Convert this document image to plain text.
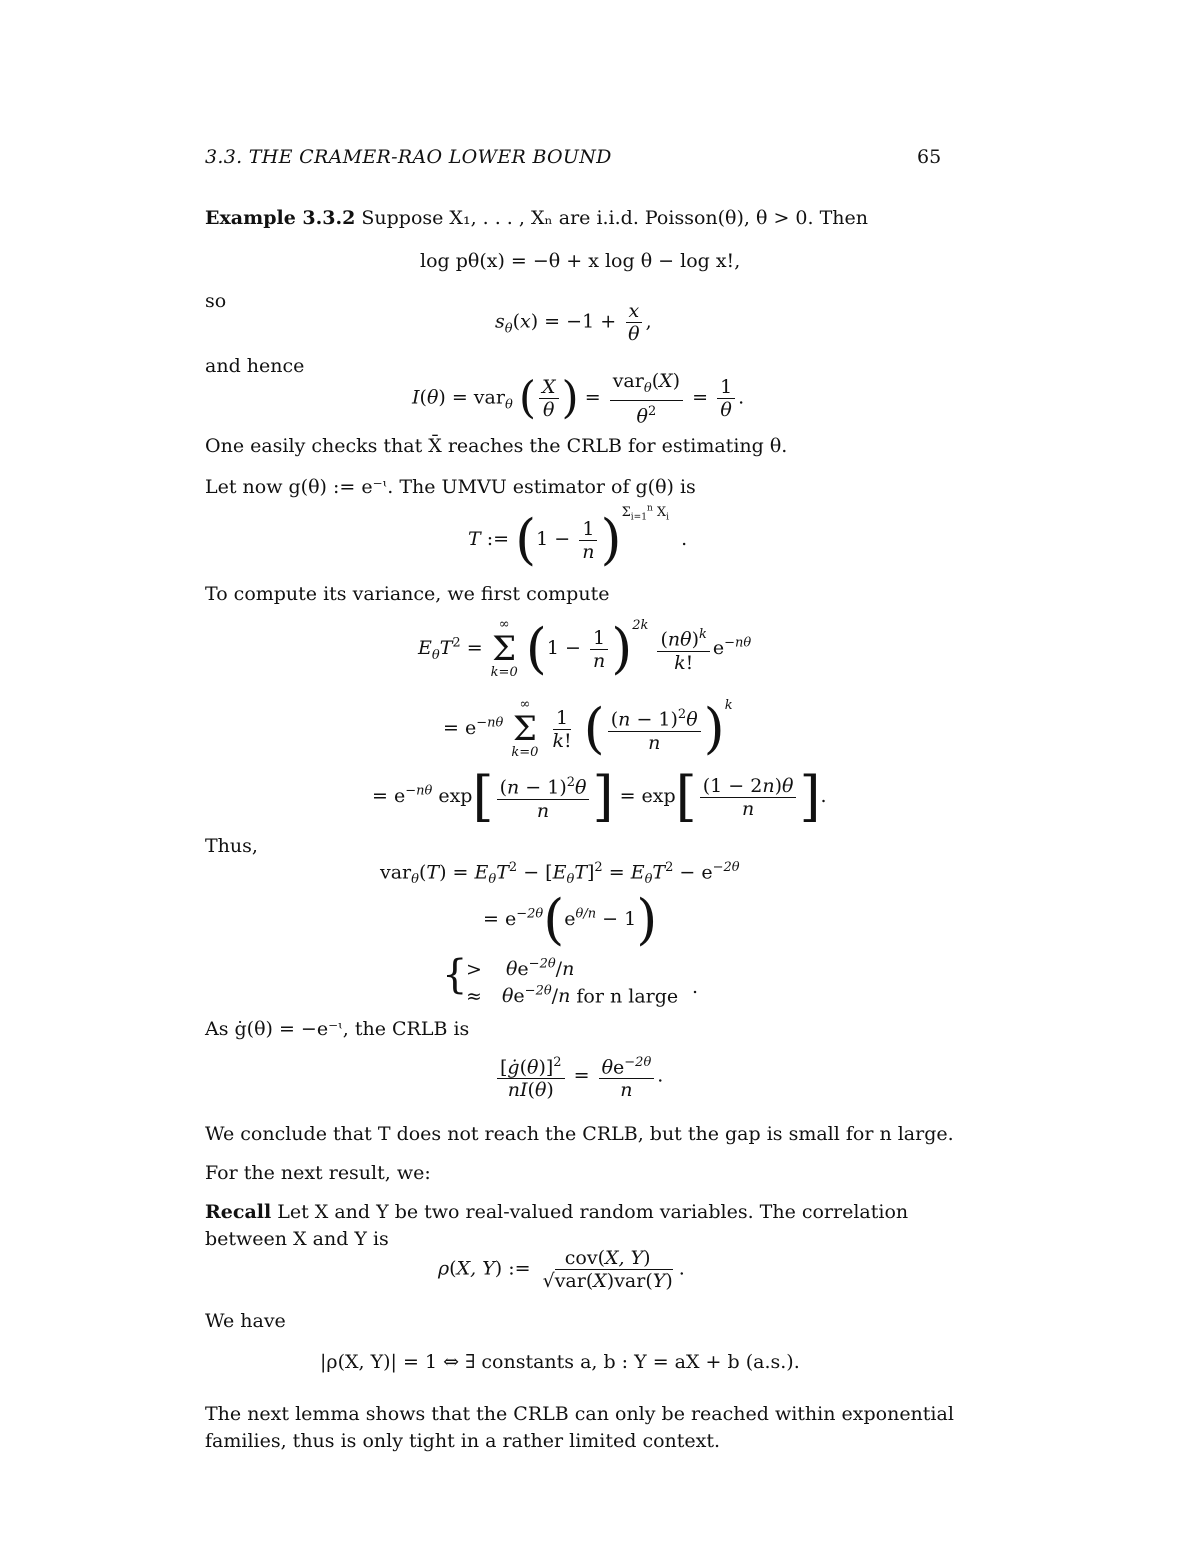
3.3. THE CRAMER-RAO LOWER BOUND	65
Example 3.3.2 Suppose X₁, . . . , Xₙ are i.i.d. Poisson(θ), θ > 0. Then
log pθ(x) = −θ + x log θ − log x!,
so
$s_\theta(x) = -1 + \frac{x}{\theta}$ ,
and hence
I(θ) = var$_\theta$ ( $\frac{X}{\theta}$ ) = $\frac{var_\theta(X)}{\theta^2} = \frac{1}{\theta}$ .
One easily checks that X̄ reaches the CRLB for estimating θ.
Let now g(θ) := e⁻ᶥ. The UMVU estimator of g(θ) is
T := $(1 - \frac{1}{n} )^{\Sigma_{i=1}^n X_i}$ .
To compute its variance, we first compute
$E_\theta T^2$ =
∞
Σ
k=0 $(1 - \frac{1}{n} )^{2k} \frac{(n\theta)^k}{k!} e^{-n\theta}$
= $e^{-n\theta}$
∞
Σ
k=0

$\frac{1}{k!}$ ( $\frac{(n - 1)^2\theta}{n} )^k$
= $e^{-n\theta}$ $\exp[ \frac{(n - 1)^2\theta}{n}$ ] = $\exp[ \frac{(1 - 2n)\theta}{n}$ ].
Thus,
$var_\theta(T) = E_\theta T^2 - [E_\theta T]^2 = E_\theta T^2 - e^{-2\theta}$
= $e^{-2\theta}(e^{\theta/n} - 1)$
{
> $\theta e^{-2\theta}/n$
≈ $\theta e^{-2\theta}/n$ for n large .
As ġ(θ) = −e⁻ᶥ, the CRLB is
$\frac{[ġ(\theta)]^2}{nI(\theta)} = \frac{\theta e^{-2\theta}}{n}$ .
We conclude that T does not reach the CRLB, but the gap is small for n large.
For the next result, we:
Recall Let X and Y be two real-valued random variables. The correlation
between X and Y is
ρ(X, Y) := $\frac{\text{cov(X, Y)}}{\text{√var(X)var(Y)}}$ .
We have
|ρ(X, Y)| = 1 ⇔ ∃ constants a, b : Y = aX + b (a.s.).
The next lemma shows that the CRLB can only be reached within exponential
families, thus is only tight in a rather limited context.
